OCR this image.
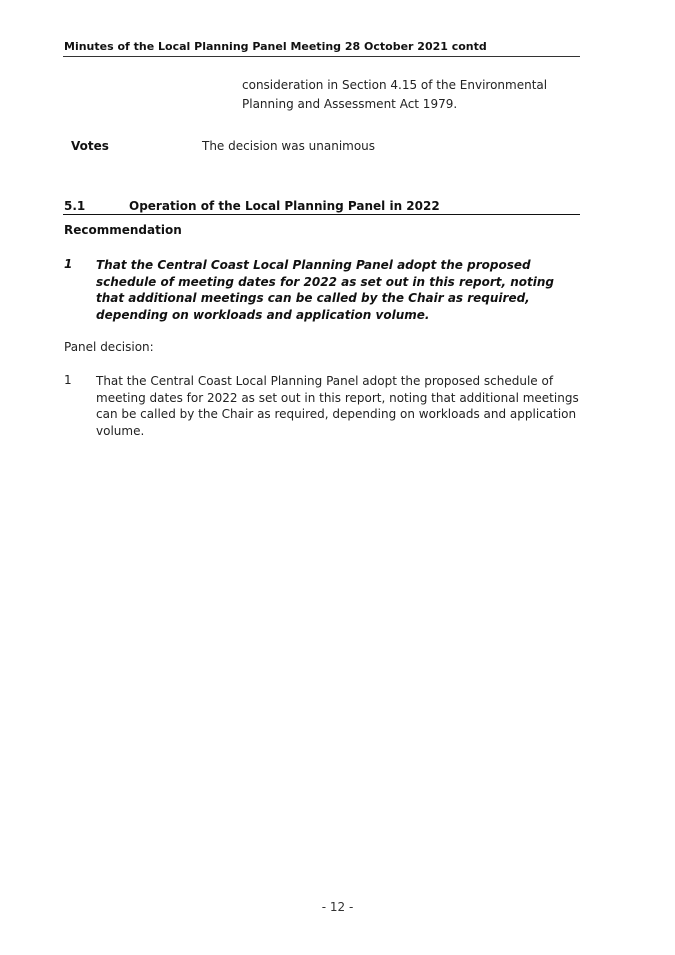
Minutes of the Local Planning Panel Meeting 28 October 2021 contd
consideration in Section 4.15 of the Environmental Planning and Assessment Act 1979.
Votes	The decision was unanimous
5.1	Operation of the Local Planning Panel in 2022
Recommendation
1 That the Central Coast Local Planning Panel adopt the proposed schedule of meeting dates for 2022 as set out in this report, noting that additional meetings can be called by the Chair as required, depending on workloads and application volume.
Panel decision:
1 That the Central Coast Local Planning Panel adopt the proposed schedule of meeting dates for 2022 as set out in this report, noting that additional meetings can be called by the Chair as required, depending on workloads and application volume.
- 12 -
